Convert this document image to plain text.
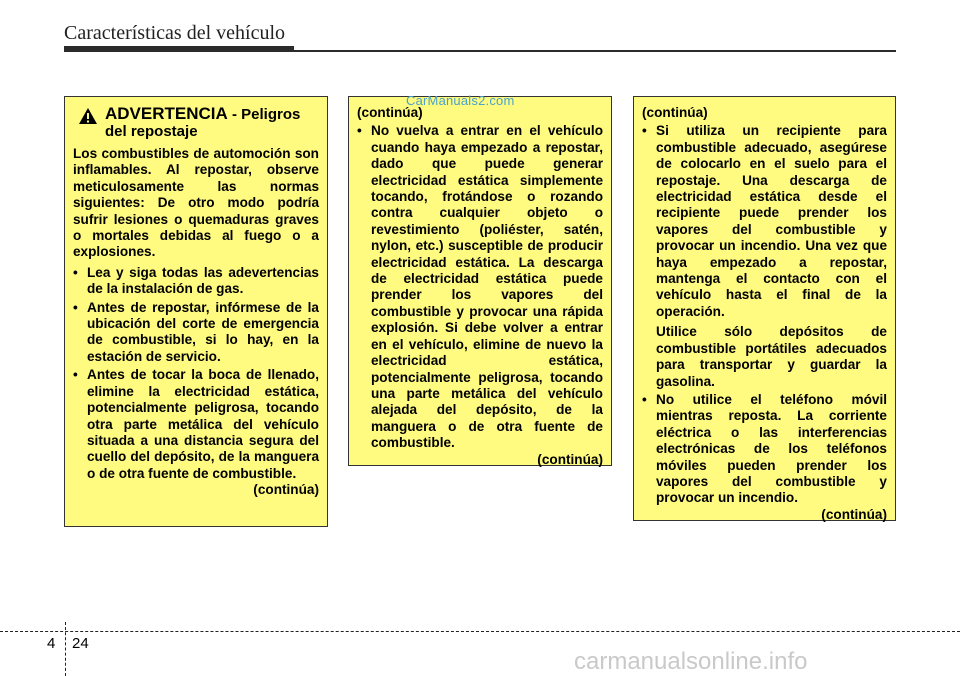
Características del vehículo
ADVERTENCIA - Peligros del repostaje

Los combustibles de automoción son inflamables. Al repostar, observe meticulosamente las normas siguientes: De otro modo podría sufrir lesiones o quemaduras graves o mortales debidas al fuego o a explosiones.

• Lea y siga todas las adevertencias de la instalación de gas.
• Antes de repostar, infórmese de la ubicación del corte de emergencia de combustible, si lo hay, en la estación de servicio.
• Antes de tocar la boca de llenado, elimine la electricidad estática, potencialmente peligrosa, tocando otra parte metálica del vehículo situada a una distancia segura del cuello del depósito, de la manguera o de otra fuente de combustible.

(continúa)

(continúa)

• No vuelva a entrar en el vehículo cuando haya empezado a repostar, dado que puede generar electricidad estática simplemente tocando, frotándose o rozando contra cualquier objeto o revestimiento (poliéster, satén, nylon, etc.) susceptible de producir electricidad estática. La descarga de electricidad estática puede prender los vapores del combustible y provocar una rápida explosión. Si debe volver a entrar en el vehículo, elimine de nuevo la electricidad estática, potencialmente peligrosa, tocando una parte metálica del vehículo alejada del depósito, de la manguera o de otra fuente de combustible.

(continúa)

(continúa)

• Si utiliza un recipiente para combustible adecuado, asegúrese de colocarlo en el suelo para el repostaje. Una descarga de electricidad estática desde el recipiente puede prender los vapores del combustible y provocar un incendio. Una vez que haya empezado a repostar, mantenga el contacto con el vehículo hasta el final de la operación.

Utilice sólo depósitos de combustible portátiles adecuados para transportar y guardar la gasolina.

• No utilice el teléfono móvil mientras reposta. La corriente eléctrica o las interferencias electrónicas de los teléfonos móviles pueden prender los vapores del combustible y provocar un incendio.

(continúa)

CarManuals2.com
4 24
carmanualsonline.info
